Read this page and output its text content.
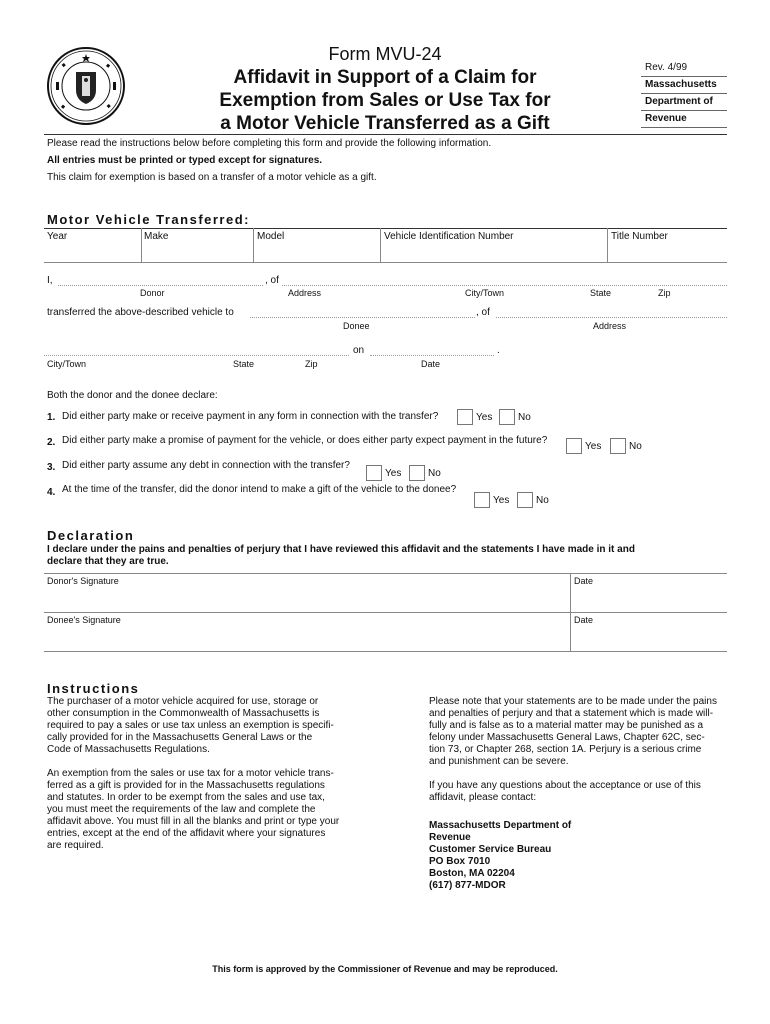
Form MVU-24
Affidavit in Support of a Claim for
Exemption from Sales or Use Tax for
a Motor Vehicle Transferred as a Gift
Rev. 4/99
Massachusetts
Department of
Revenue
Please read the instructions below before completing this form and provide the following information.
All entries must be printed or typed except for signatures.
This claim for exemption is based on a transfer of a motor vehicle as a gift.
Motor Vehicle Transferred:
Year	Make	Model	Vehicle Identification Number	Title Number
I,	, of
Donor	Address	City/Town	State	Zip
transferred the above-described vehicle to	, of
Donee	Address
on	.
City/Town	State	Zip	Date
Both the donor and the donee declare:
1. Did either party make or receive payment in any form in connection with the transfer?	Yes	No
2. Did either party make a promise of payment for the vehicle, or does either party expect payment in the future?
Yes	No
3. Did either party assume any debt in connection with the transfer?
Yes	No
4. At the time of the transfer, did the donor intend to make a gift of the vehicle to the donee?
Yes	No
Declaration
I declare under the pains and penalties of perjury that I have reviewed this affidavit and the statements I have made in it and
declare that they are true.
Donor's Signature	Date
Donee's Signature	Date
Instructions
The purchaser of a motor vehicle acquired for use, storage or
other consumption in the Commonwealth of Massachusetts is
required to pay a sales or use tax unless an exemption is specifi-
cally provided for in the Massachusetts General Laws or the
Code of Massachusetts Regulations.
An exemption from the sales or use tax for a motor vehicle trans-
ferred as a gift is provided for in the Massachusetts regulations
and statutes. In order to be exempt from the sales and use tax,
you must meet the requirements of the law and complete the
affidavit above. You must fill in all the blanks and print or type your
entries, except at the end of the affidavit where your signatures
are required.
Please note that your statements are to be made under the pains
and penalties of perjury and that a statement which is made will-
fully and is false as to a material matter may be punished as a
felony under Massachusetts General Laws, Chapter 62C, sec-
tion 73, or Chapter 268, section 1A. Perjury is a serious crime
and punishment can be severe.
If you have any questions about the acceptance or use of this
affidavit, please contact:
Massachusetts Department of
Revenue
Customer Service Bureau
PO Box 7010
Boston, MA 02204
(617) 877-MDOR
This form is approved by the Commissioner of Revenue and may be reproduced.
